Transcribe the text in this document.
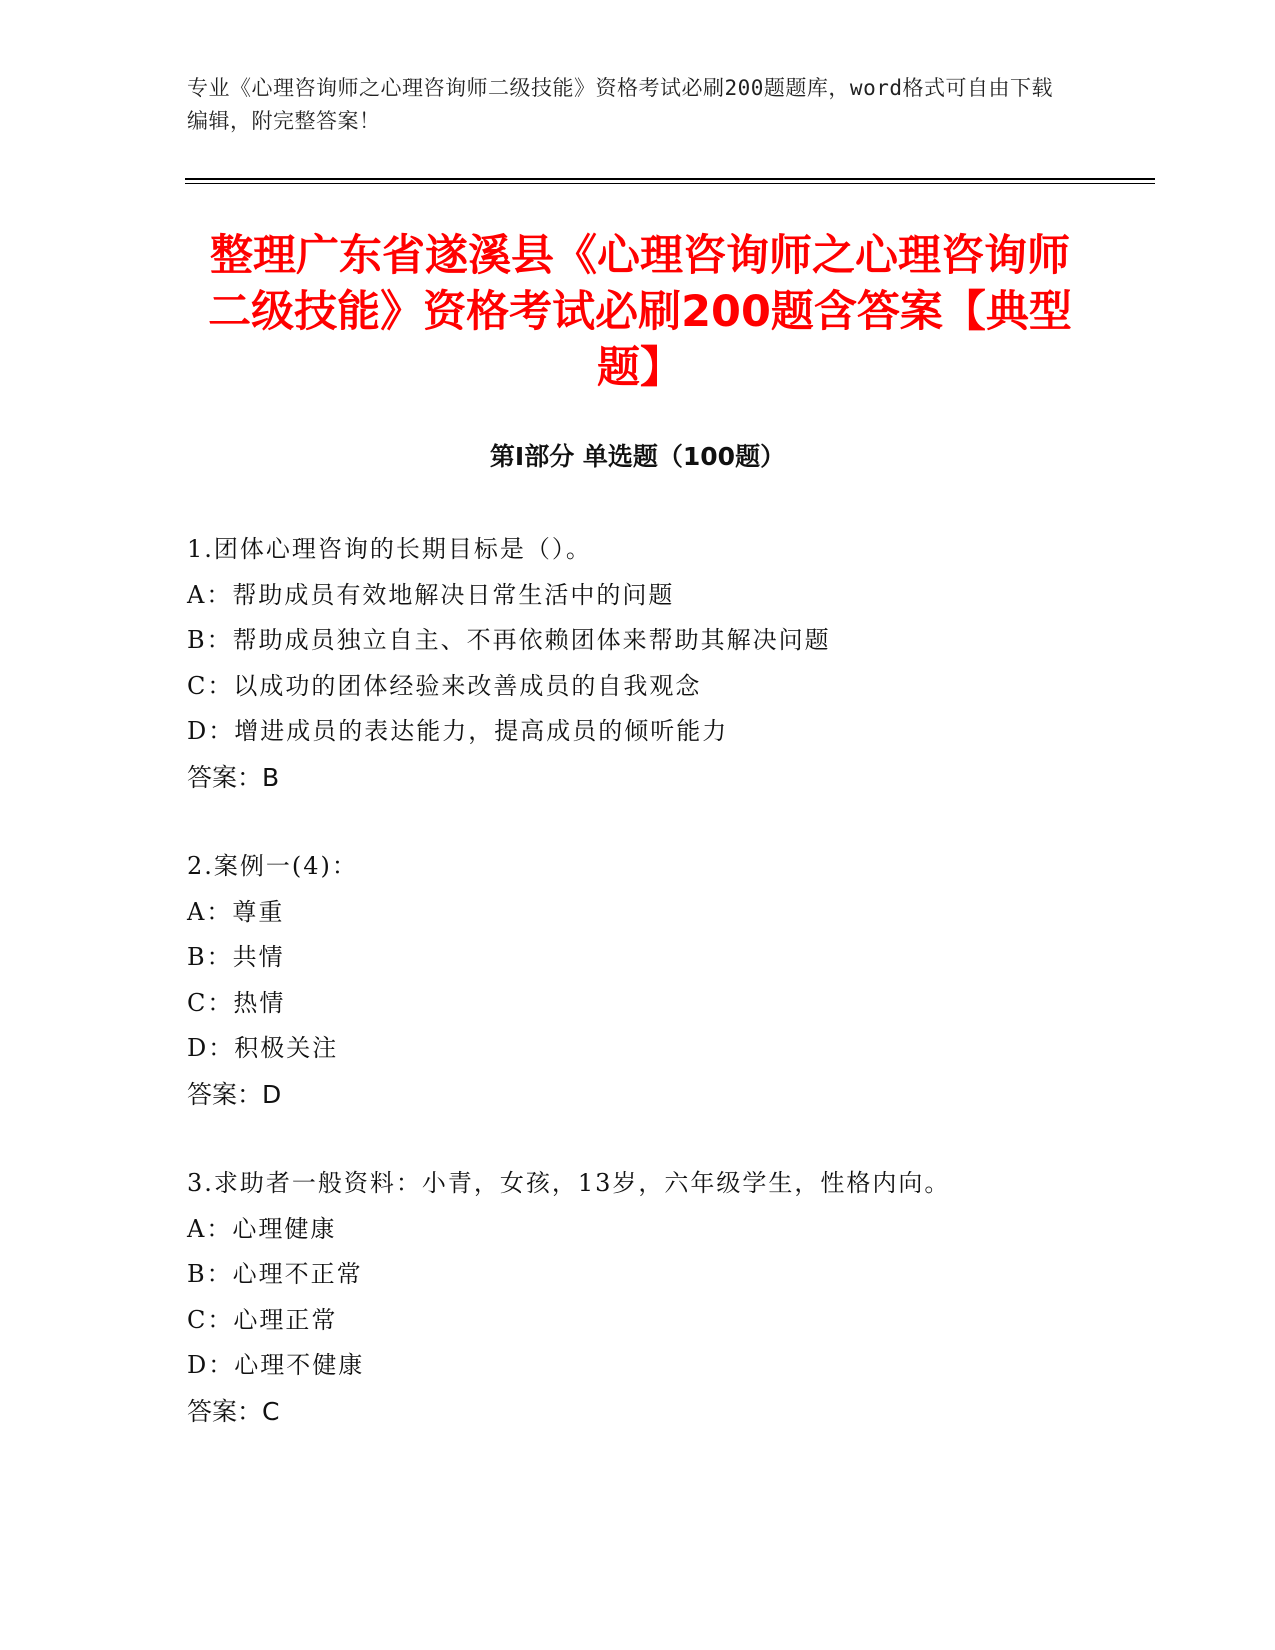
专业《心理咨询师之心理咨询师二级技能》资格考试必刷200题题库，word格式可自由下载编辑，附完整答案！
整理广东省遂溪县《心理咨询师之心理咨询师二级技能》资格考试必刷200题含答案【典型题】
第I部分 单选题（100题）
1.团体心理咨询的长期目标是（）。
A：帮助成员有效地解决日常生活中的问题
B：帮助成员独立自主、不再依赖团体来帮助其解决问题
C：以成功的团体经验来改善成员的自我观念
D：增进成员的表达能力，提高成员的倾听能力
答案：B
2.案例一(4)：
A：尊重
B：共情
C：热情
D：积极关注
答案：D
3.求助者一般资料：小青，女孩，13岁，六年级学生，性格内向。
A：心理健康
B：心理不正常
C：心理正常
D：心理不健康
答案：C
